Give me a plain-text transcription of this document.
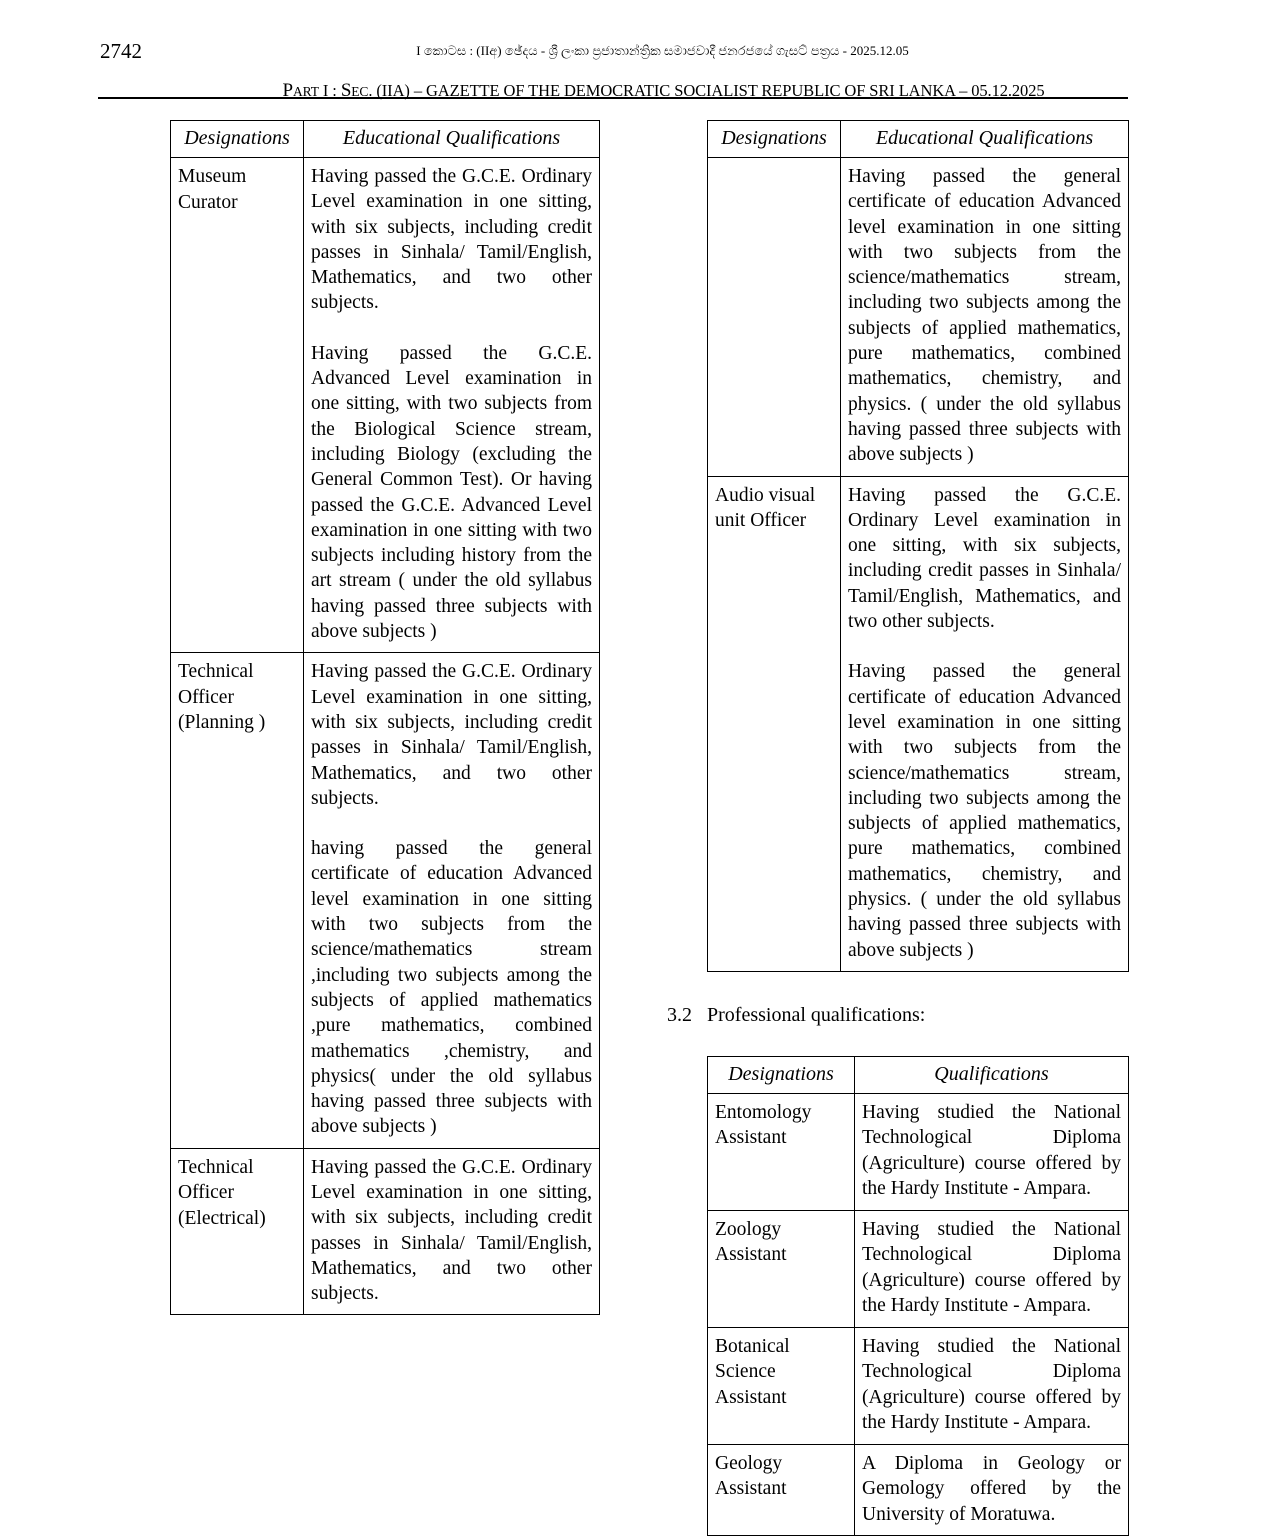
2742	I කොටස : (IIඅ) ඡේදය - ශ්‍රී ලංකා ප්‍රජාතාන්ත්‍රික සමාජවාදී ජනරජයේ ගැසට් පත්‍රය - 2025.12.05
PART I : SEC. (IIA) – GAZETTE OF THE DEMOCRATIC SOCIALIST REPUBLIC OF SRI LANKA – 05.12.2025
Designations	Educational Qualifications
Museum Curator	Having passed the G.C.E. Ordinary Level examination in one sitting, with six subjects, including credit passes in Sinhala/ Tamil/English, Mathematics, and two other subjects.

Having passed the G.C.E. Advanced Level examination in one sitting, with two subjects from the Biological Science stream, including Biology (excluding the General Common Test). Or having passed the G.C.E. Advanced Level examination in one sitting with two subjects including history from the art stream ( under the old syllabus having passed three subjects with above subjects )

Technical Officer (Planning )	Having passed the G.C.E. Ordinary Level examination in one sitting, with six subjects, including credit passes in Sinhala/ Tamil/English, Mathematics, and two other subjects.

having passed the general certificate of education Advanced level examination in one sitting with two subjects from the science/mathematics stream ,including two subjects among the subjects of applied mathematics ,pure mathematics, combined mathematics ,chemistry, and physics( under the old syllabus having passed three subjects with above subjects )

Technical Officer (Electrical)	Having passed the G.C.E. Ordinary Level examination in one sitting, with six subjects, including credit passes in Sinhala/ Tamil/English, Mathematics, and two other subjects.

Designations	Educational Qualifications

	Having passed the general certificate of education Advanced level examination in one sitting with two subjects from the science/mathematics stream, including two subjects among the subjects of applied mathematics, pure mathematics, combined mathematics, chemistry, and physics. ( under the old syllabus having passed three subjects with above subjects )

Audio visual unit Officer	Having passed the G.C.E. Ordinary Level examination in one sitting, with six subjects, including credit passes in Sinhala/ Tamil/English, Mathematics, and two other subjects.

Having passed the general certificate of education Advanced level examination in one sitting with two subjects from the science/mathematics stream, including two subjects among the subjects of applied mathematics, pure mathematics, combined mathematics, chemistry, and physics. ( under the old syllabus having passed three subjects with above subjects )

3.2 Professional qualifications:
Designations	Qualifications
Entomology Assistant	Having studied the National Technological Diploma (Agriculture) course offered by the Hardy Institute - Ampara.
Zoology Assistant	Having studied the National Technological Diploma (Agriculture) course offered by the Hardy Institute - Ampara.
Botanical Science Assistant	Having studied the National Technological Diploma (Agriculture) course offered by the Hardy Institute - Ampara.
Geology Assistant	A Diploma in Geology or Gemology offered by the University of Moratuwa.
